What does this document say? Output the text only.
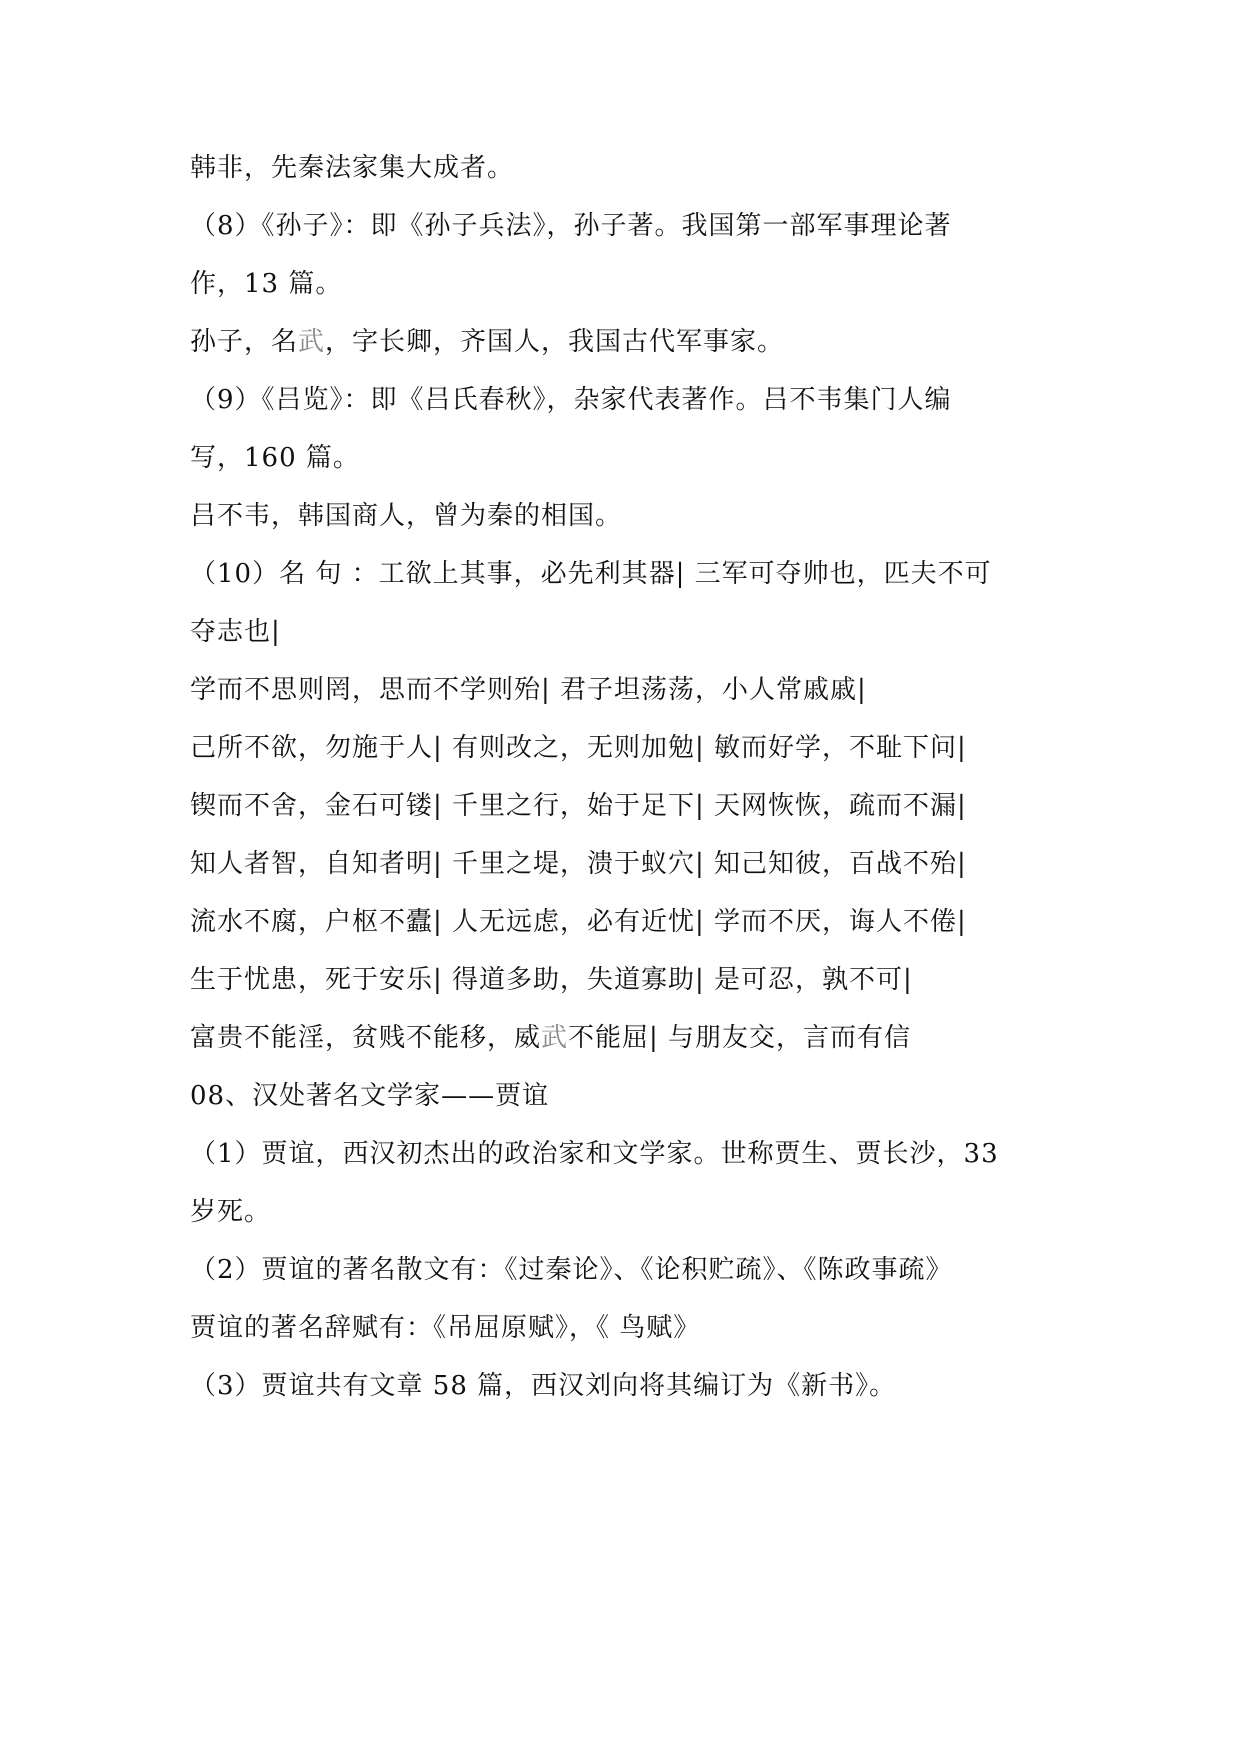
韩非，先秦法家集大成者。
（8）《孙子》：即《孙子兵法》，孙子著。我国第一部军事理论著
作，13 篇。
孙子，名武，字长卿，齐国人，我国古代军事家。
（9）《吕览》：即《吕氏春秋》，杂家代表著作。吕不韦集门人编
写，160 篇。
吕不韦，韩国商人，曾为秦的相国。
（10）名 句 ：工欲上其事，必先利其器| 三军可夺帅也，匹夫不可
夺志也|
学而不思则罔，思而不学则殆| 君子坦荡荡，小人常戚戚|
己所不欲，勿施于人| 有则改之，无则加勉| 敏而好学，不耻下问|
锲而不舍，金石可镂| 千里之行，始于足下| 天网恢恢，疏而不漏|
知人者智，自知者明| 千里之堤，溃于蚁穴| 知己知彼，百战不殆|
流水不腐，户枢不蠹| 人无远虑，必有近忧| 学而不厌，诲人不倦|
生于忧患，死于安乐| 得道多助，失道寡助| 是可忍，孰不可|
富贵不能淫，贫贱不能移，威武不能屈| 与朋友交，言而有信
08、汉处著名文学家——贾谊
（1）贾谊，西汉初杰出的政治家和文学家。世称贾生、贾长沙，33
岁死。
（2）贾谊的著名散文有：《过秦论》、《论积贮疏》、《陈政事疏》
贾谊的著名辞赋有：《吊屈原赋》，《 鸟赋》
（3）贾谊共有文章 58 篇，西汉刘向将其编订为《新书》。
